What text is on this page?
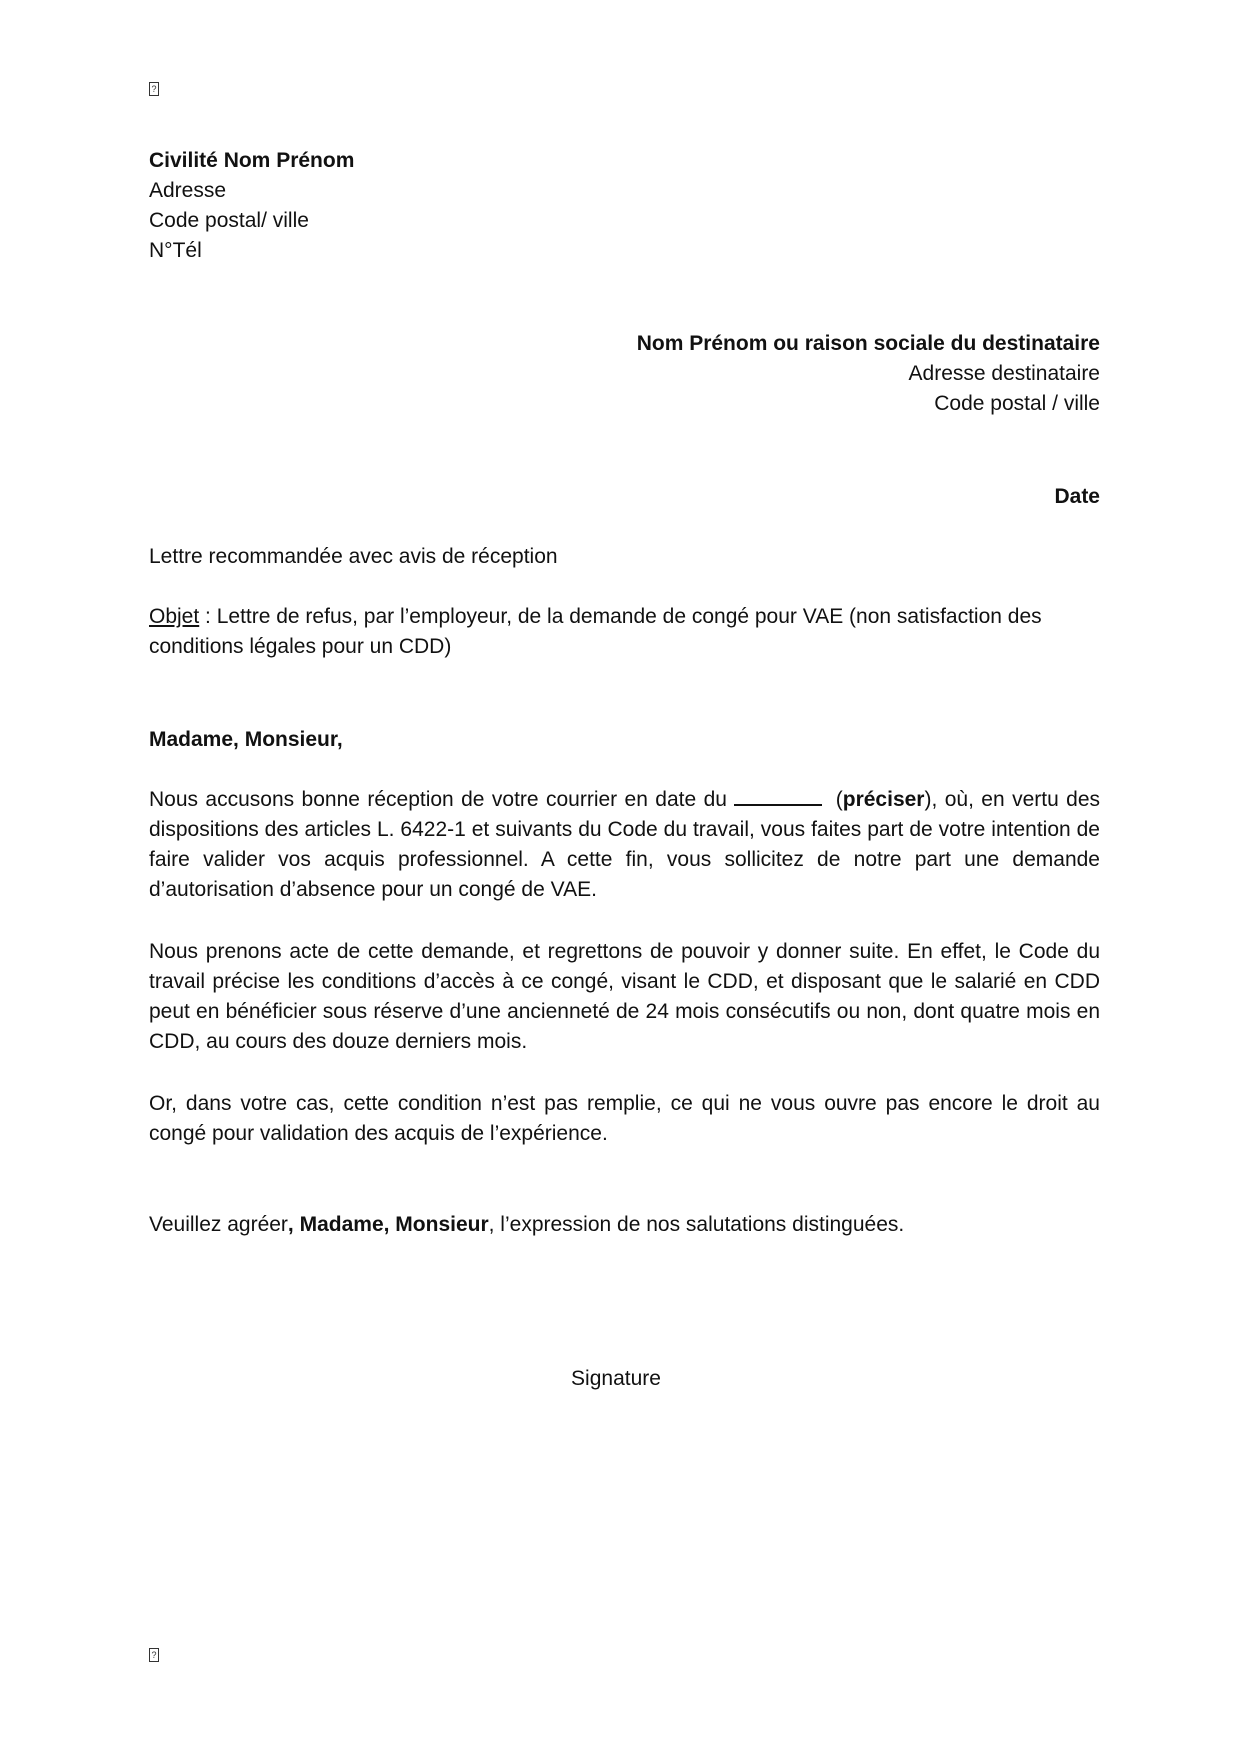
?
Civilité Nom Prénom
Adresse
Code postal/ ville
N°Tél
Nom Prénom ou raison sociale du destinataire
Adresse destinataire
Code postal / ville
Date
Lettre recommandée avec avis de réception
Objet : Lettre de refus, par l’employeur, de la demande de congé pour VAE (non satisfaction des conditions légales pour un CDD)
Madame, Monsieur,
Nous accusons bonne réception de votre courrier en date du	(préciser), où, en vertu des dispositions des articles L. 6422-1 et suivants du Code du travail, vous faites part de votre intention de faire valider vos acquis professionnel. A cette fin, vous sollicitez de notre part une demande d’autorisation d’absence pour un congé de VAE.
Nous prenons acte de cette demande, et regrettons de pouvoir y donner suite. En effet, le Code du travail précise les conditions d’accès à ce congé, visant le CDD, et disposant que le salarié en CDD peut en bénéficier sous réserve d’une ancienneté de 24 mois consécutifs ou non, dont quatre mois en CDD, au cours des douze derniers mois.
Or, dans votre cas, cette condition n’est pas remplie, ce qui ne vous ouvre pas encore le droit au congé pour validation des acquis de l’expérience.
Veuillez agréer, Madame, Monsieur, l’expression de nos salutations distinguées.
Signature
?
